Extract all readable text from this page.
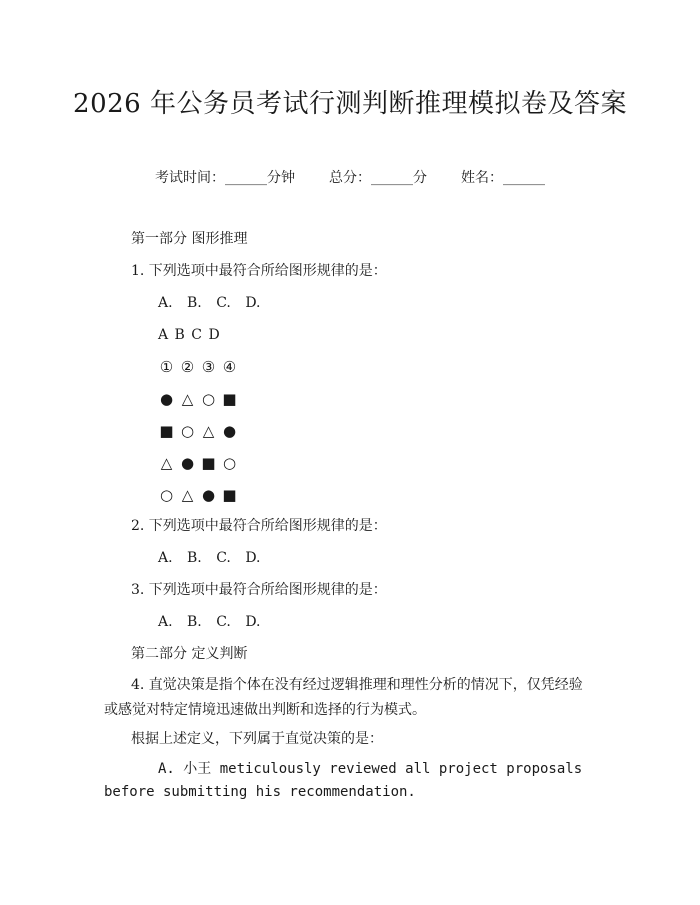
2026 年公务员考试行测判断推理模拟卷及答案
考试时间：______分钟 总分：______分 姓名：______
第一部分 图形推理
1. 下列选项中最符合所给图形规律的是：
A. B. C. D.
A B C D
① ② ③ ④
● △ ○ ■
■ ○ △ ●
△ ● ■ ○
○ △ ● ■
2. 下列选项中最符合所给图形规律的是：
A. B. C. D.
3. 下列选项中最符合所给图形规律的是：
A. B. C. D.
第二部分 定义判断
4. 直觉决策是指个体在没有经过逻辑推理和理性分析的情况下，仅凭经验或感觉对特定情境迅速做出判断和选择的行为模式。
根据上述定义，下列属于直觉决策的是：
A. 小王 meticulously reviewed all project proposals before submitting his recommendation.
